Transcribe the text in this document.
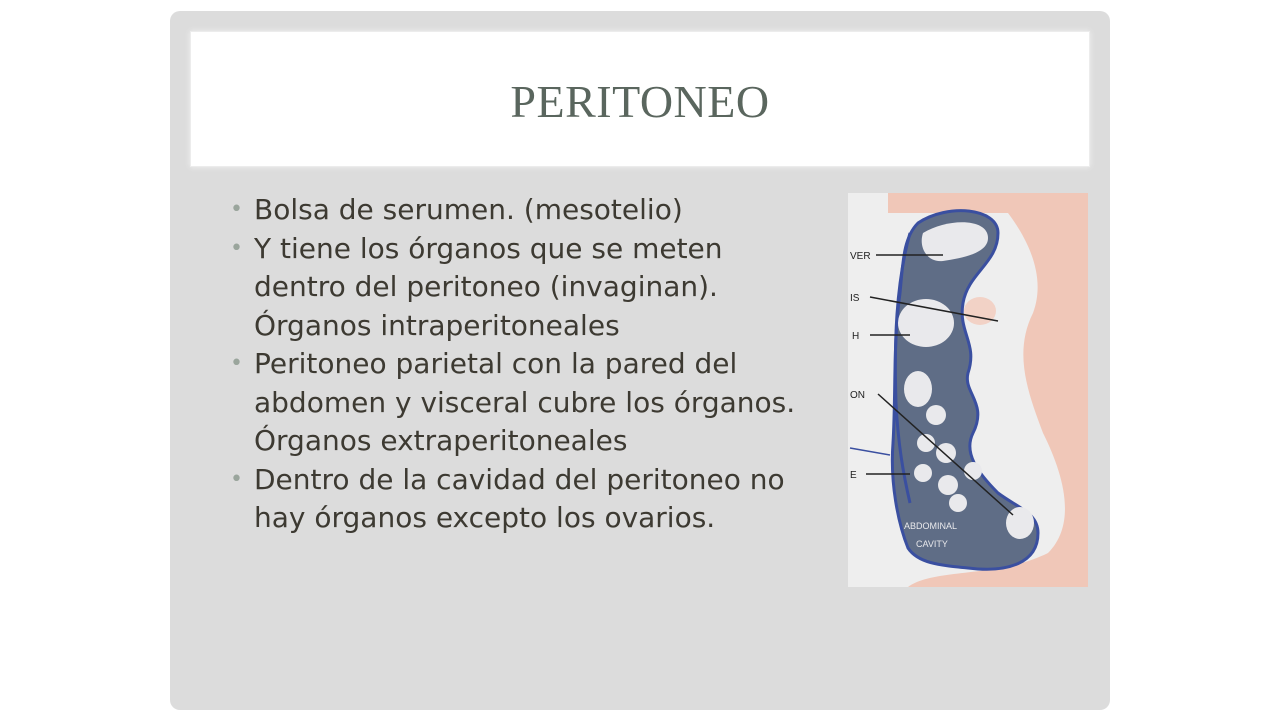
PERITONEO
• Bolsa de serumen. (mesotelio)
• Y tiene los órganos que se meten dentro del peritoneo (invaginan). Órganos intraperitoneales
• Peritoneo parietal con la pared del abdomen y visceral cubre los órganos. Órganos extraperitoneales
• Dentro de la cavidad del peritoneo no hay órganos excepto los ovarios.
VER
IS
H
ON
E
ABDOMINAL
CAVITY
